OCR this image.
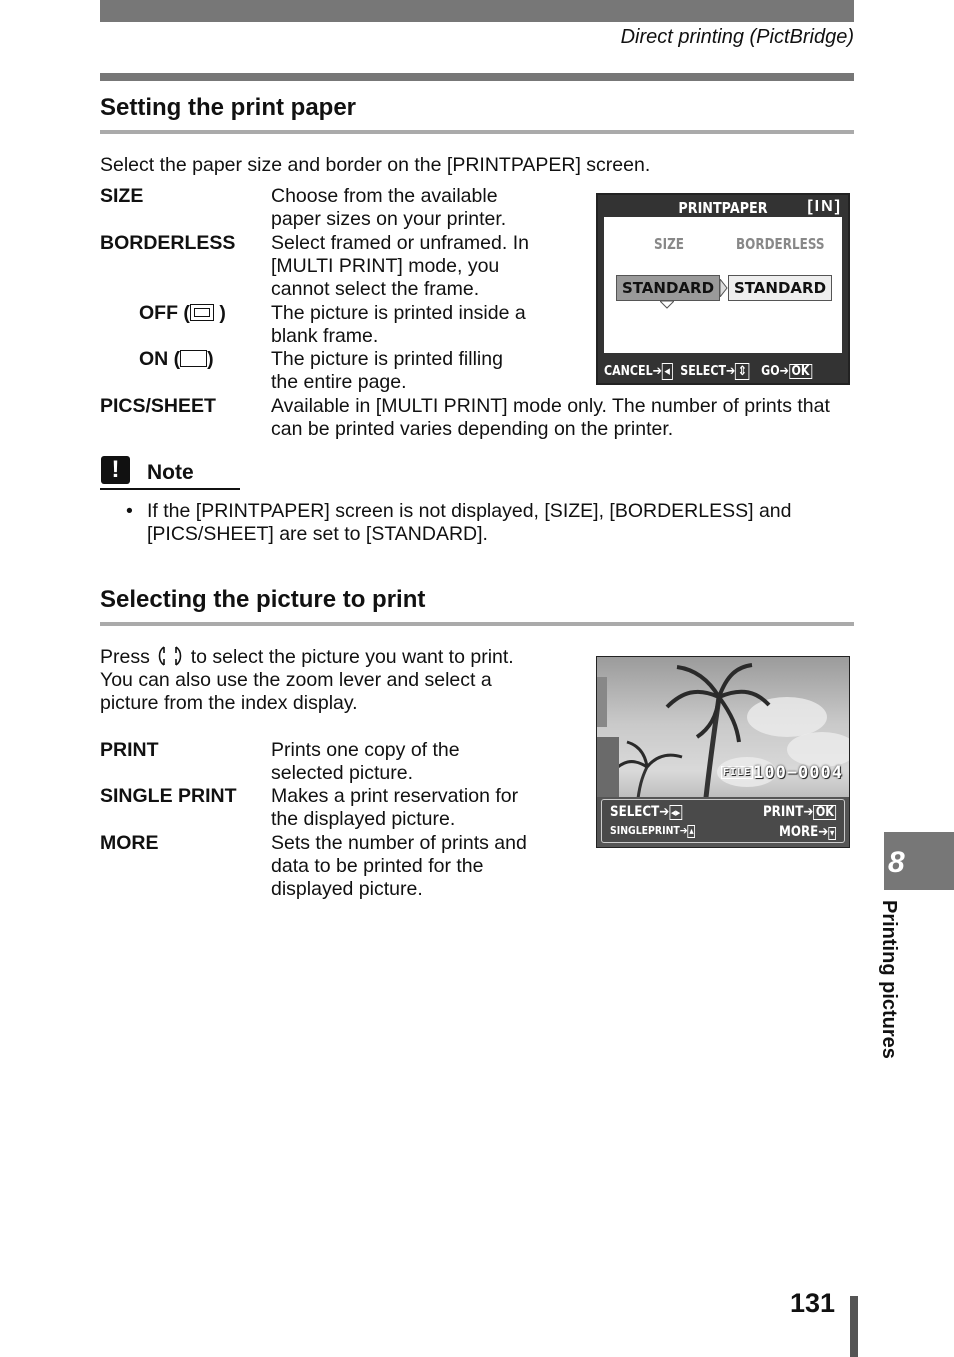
Direct printing (PictBridge)
Setting the print paper
Select the paper size and border on the [PRINTPAPER] screen.
SIZE	Choose from the available
paper sizes on your printer.
BORDERLESS Select framed or unframed. In
[MULTI PRINT] mode, you
cannot select the frame.
OFF ( ) The picture is printed inside a
blank frame.
ON ( )	The picture is printed filling
the entire page.
PICS/SHEET	Available in [MULTI PRINT] mode only. The number of prints that
can be printed varies depending on the printer.
PRINTPAPER	[IN]
SIZE	BORDERLESS
STANDARD	STANDARD
CANCEL➔ ◂ SELECT➔ ⇕ GO➔ OK
!	Note
• If the [PRINTPAPER] screen is not displayed, [SIZE], [BORDERLESS] and
[PICS/SHEET] are set to [STANDARD].
Selecting the picture to print
Press to select the picture you want to print.
You can also use the zoom lever and select a
picture from the index display.
PRINT	Prints one copy of the
selected picture.
SINGLE PRINT Makes a print reservation for
the displayed picture.
MORE	Sets the number of prints and
data to be printed for the
displayed picture.
FILE 100−0004
SELECT➔ ◂▸	PRINT➔ OK
SINGLEPRINT➔ ▴	MORE➔ ▾
8
Printing pictures
131
